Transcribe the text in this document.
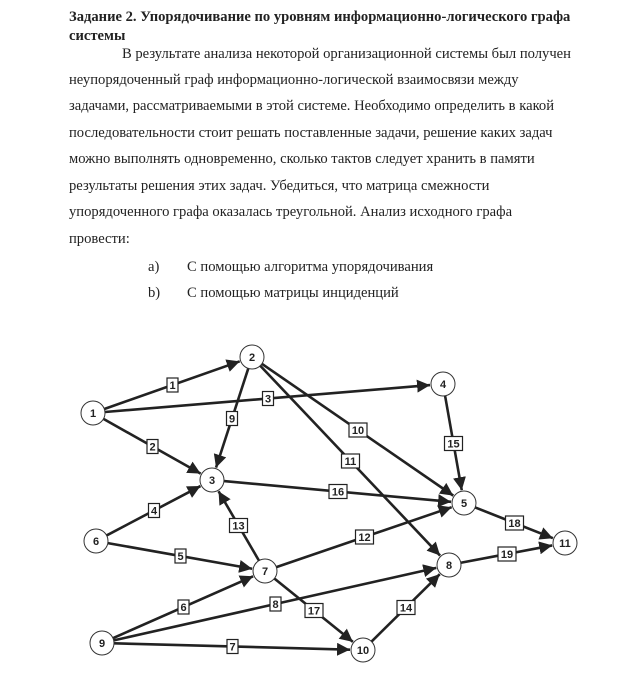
Задание 2. Упорядочивание по уровням информационно-логического графа
системы
В результате анализа некоторой организационной системы был получен
неупорядоченный граф информационно-логической взаимосвязи между
задачами, рассматриваемыми в этой системе. Необходимо определить в какой
последовательности стоит решать поставленные задачи, решение каких задач
можно выполнять одновременно, сколько тактов следует хранить в памяти
результаты решения этих задач. Убедиться, что матрица смежности
упорядоченного графа оказалась треугольной. Анализ исходного графа
провести:
a) С помощью алгоритма упорядочивания
b) С помощью матрицы инциденций
1
2
3
4
5
6
7
8
9
10
11
12
13
14
15
16
17
18
19
1
2
3
4
5
6
7	8
9
10
11
